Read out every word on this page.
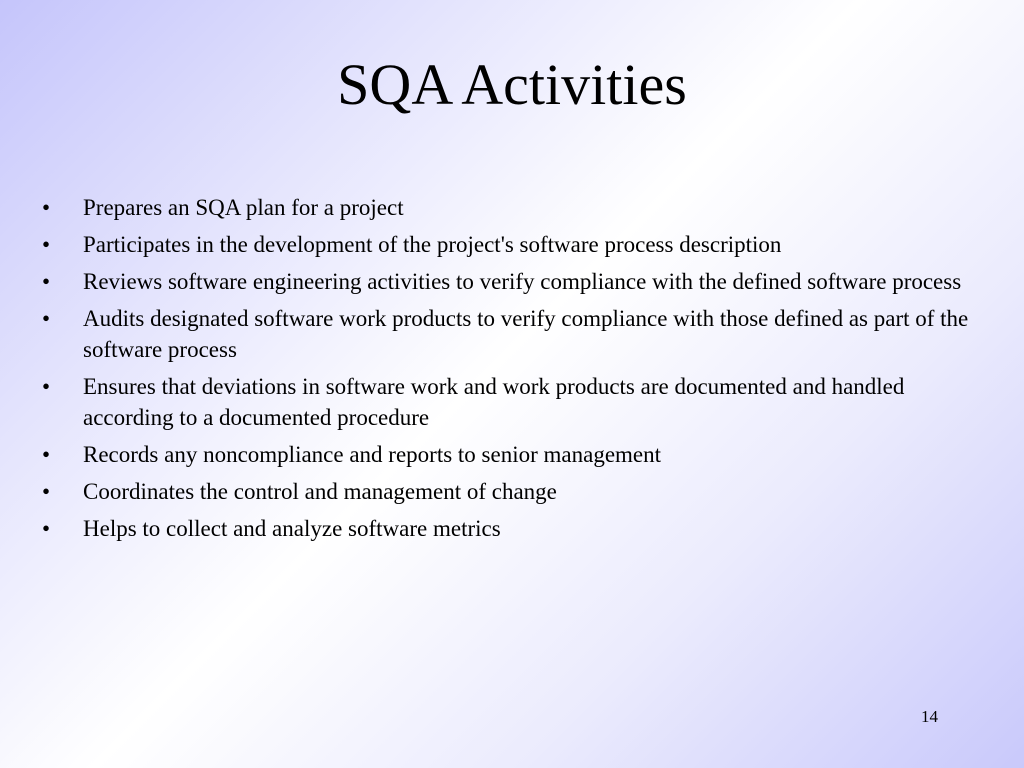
SQA Activities
•	Prepares an SQA plan for a project
•	Participates in the development of the project's software process description
•	Reviews software engineering activities to verify compliance with the defined software process
•	Audits designated software work products to verify compliance with those defined as part of the  software process
•	Ensures that deviations in software work and work products are documented and handled according to a documented procedure
•	Records any noncompliance and reports to senior management
•	Coordinates the control and management of change
•	Helps to collect and analyze software metrics
14
